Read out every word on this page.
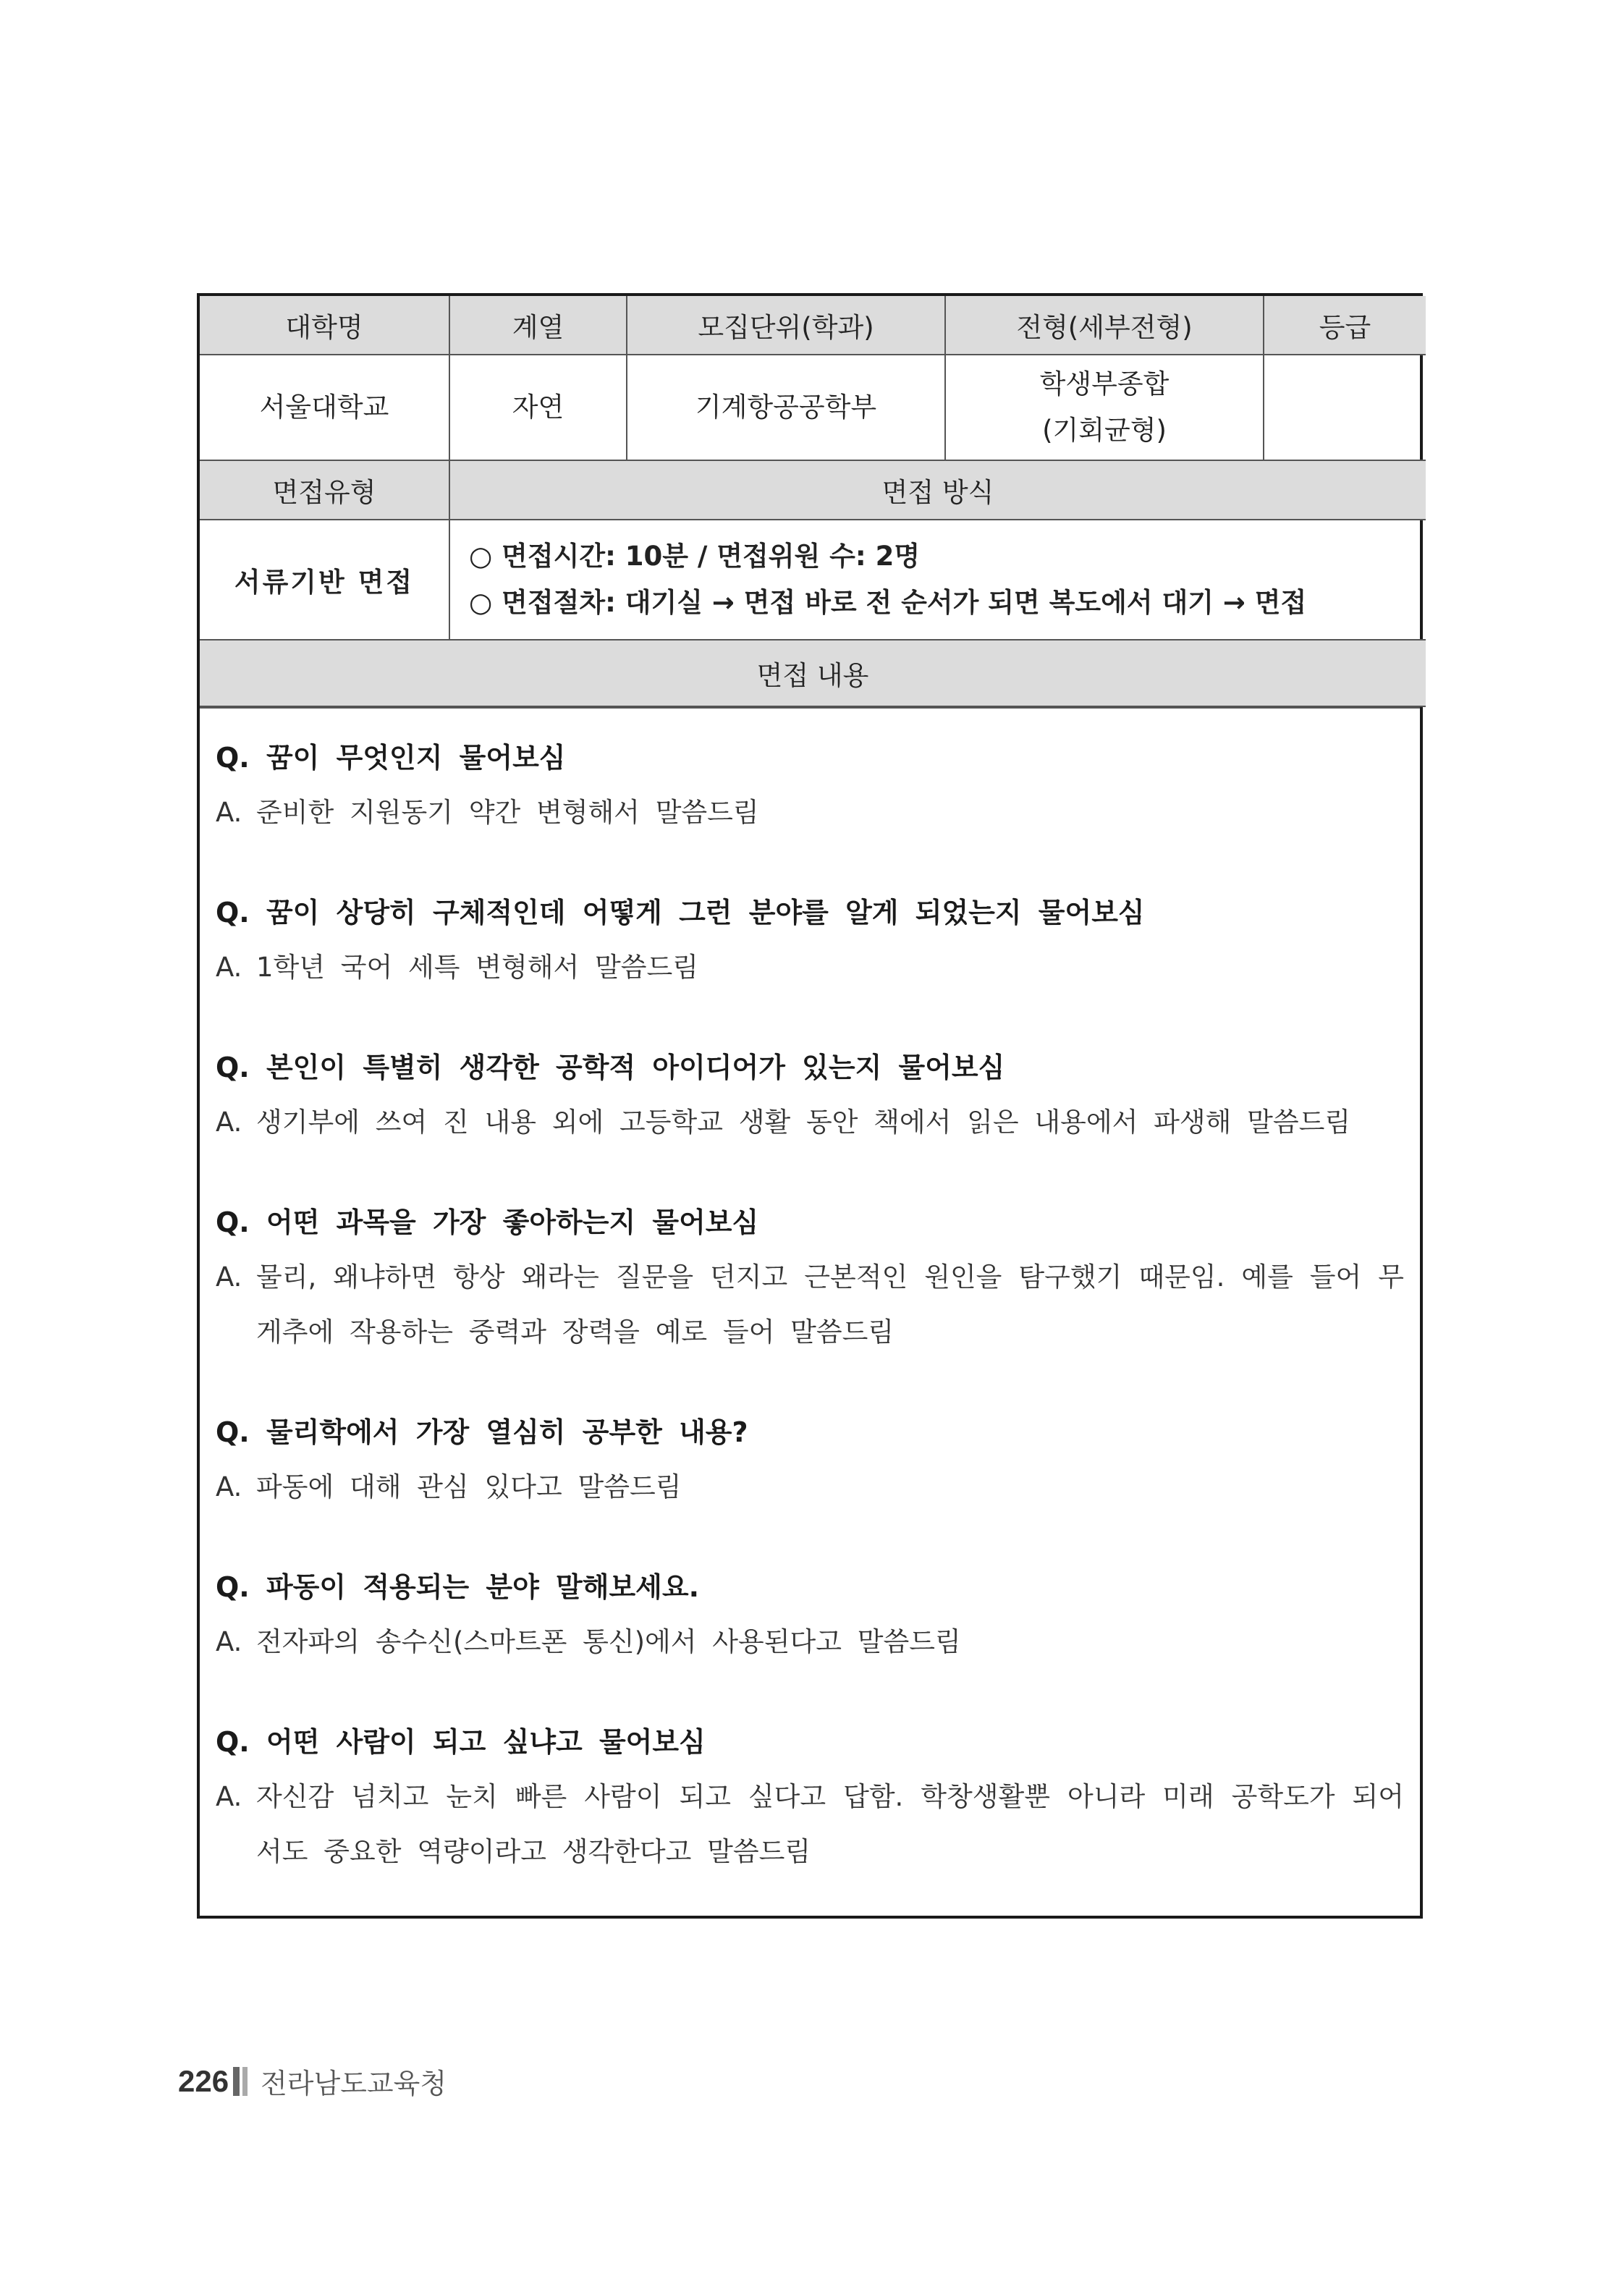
대학명	계열	모집단위(학과)	전형(세부전형)	등급
서울대학교	자연	기계항공공학부	학생부종합
(기회균형)	

면접유형	면접 방식			
서류기반 면접	○ 면접시간: 10분 / 면접위원 수: 2명
○ 면접절차: 대기실 → 면접 바로 전 순서가 되면 복도에서 대기 → 면접			

면접 내용				
Q. 꿈이 무엇인지 물어보심
A. 준비한 지원동기 약간 변형해서 말씀드림
Q. 꿈이 상당히 구체적인데 어떻게 그런 분야를 알게 되었는지 물어보심
A. 1학년 국어 세특 변형해서 말씀드림
Q. 본인이 특별히 생각한 공학적 아이디어가 있는지 물어보심
A. 생기부에 쓰여 진 내용 외에 고등학교 생활 동안 책에서 읽은 내용에서 파생해 말씀드림
Q. 어떤 과목을 가장 좋아하는지 물어보심
A. 물리, 왜냐하면 항상 왜라는 질문을 던지고 근본적인 원인을 탐구했기 때문임. 예를 들어 무게추에 작용하는 중력과 장력을 예로 들어 말씀드림
Q. 물리학에서 가장 열심히 공부한 내용?
A. 파동에 대해 관심 있다고 말씀드림
Q. 파동이 적용되는 분야 말해보세요.
A. 전자파의 송수신(스마트폰 통신)에서 사용된다고 말씀드림
Q. 어떤 사람이 되고 싶냐고 물어보심
A. 자신감 넘치고 눈치 빠른 사람이 되고 싶다고 답함. 학창생활뿐 아니라 미래 공학도가 되어서도 중요한 역량이라고 생각한다고 말씀드림
226 전라남도교육청
